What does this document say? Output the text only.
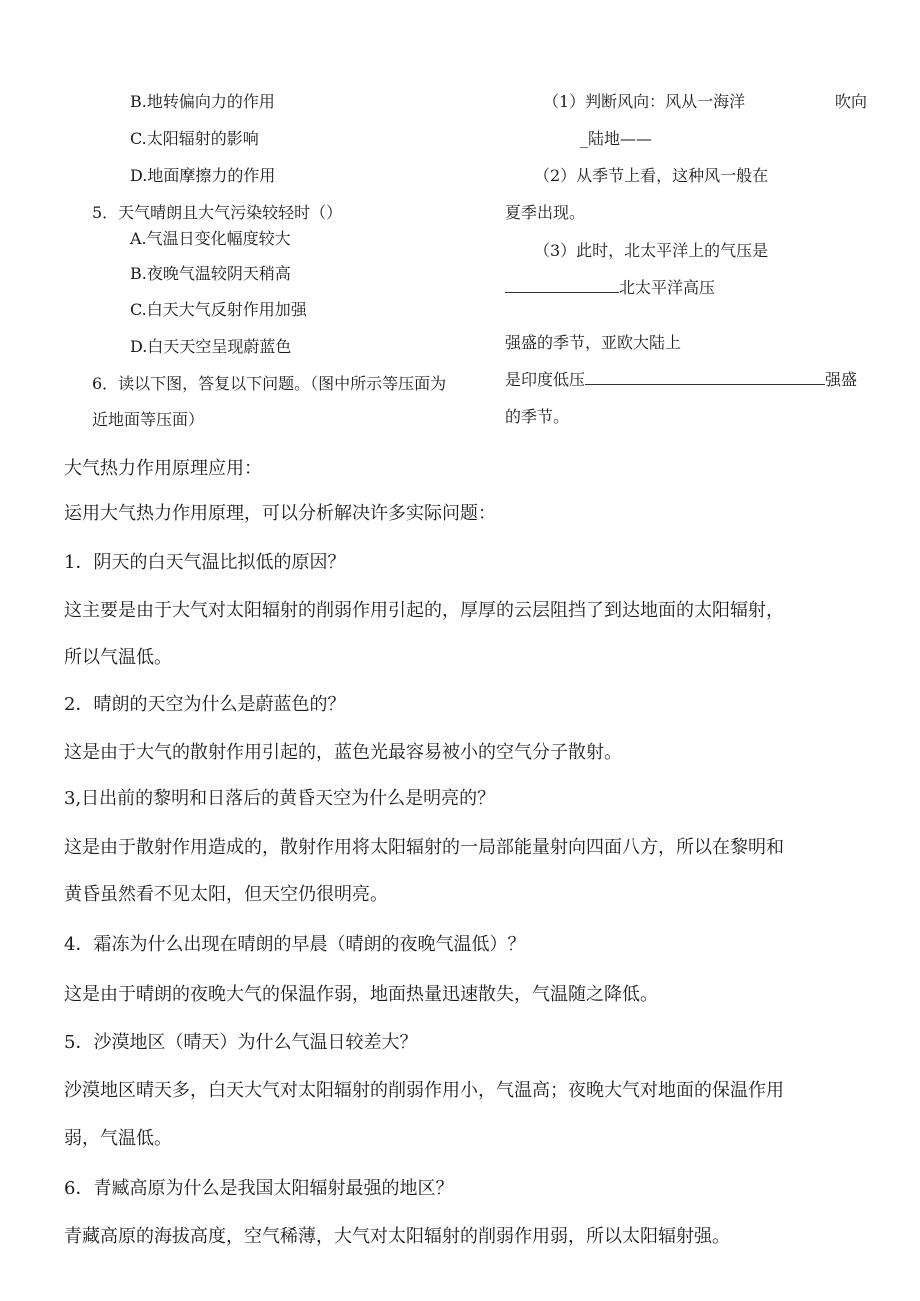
B.地转偏向力的作用
C.太阳辐射的影响
D.地面摩擦力的作用
5．天气晴朗且大气污染较轻时（）
A.气温日变化幅度较大
B.夜晚气温较阴天稍高
C.白天大气反射作用加强
D.白天天空呈现蔚蓝色
6．读以下图，答复以下问题。（图中所示等压面为
近地面等压面）
（1）判断风向：风从一海洋	吹向
_陆地——
（2）从季节上看，这种风一般在
夏季出现。
（3）此时，北太平洋上的气压是
北太平洋高压
强盛的季节，亚欧大陆上
是印度低压	强盛
的季节。
大气热力作用原理应用：
运用大气热力作用原理，可以分析解决许多实际问题：
1．阴天的白天气温比拟低的原因？
这主要是由于大气对太阳辐射的削弱作用引起的，厚厚的云层阻挡了到达地面的太阳辐射，
所以气温低。
2．晴朗的天空为什么是蔚蓝色的？
这是由于大气的散射作用引起的，蓝色光最容易被小的空气分子散射。
3,日出前的黎明和日落后的黄昏天空为什么是明亮的？
这是由于散射作用造成的，散射作用将太阳辐射的一局部能量射向四面八方，所以在黎明和
黄昏虽然看不见太阳，但天空仍很明亮。
4．霜冻为什么出现在晴朗的早晨（晴朗的夜晚气温低）？
这是由于晴朗的夜晚大气的保温作弱，地面热量迅速散失，气温随之降低。
5．沙漠地区（晴天）为什么气温日较差大？
沙漠地区晴天多，白天大气对太阳辐射的削弱作用小，气温高；夜晚大气对地面的保温作用
弱，气温低。
6．青臧高原为什么是我国太阳辐射最强的地区？
青藏高原的海拔高度，空气稀薄，大气对太阳辐射的削弱作用弱，所以太阳辐射强。
